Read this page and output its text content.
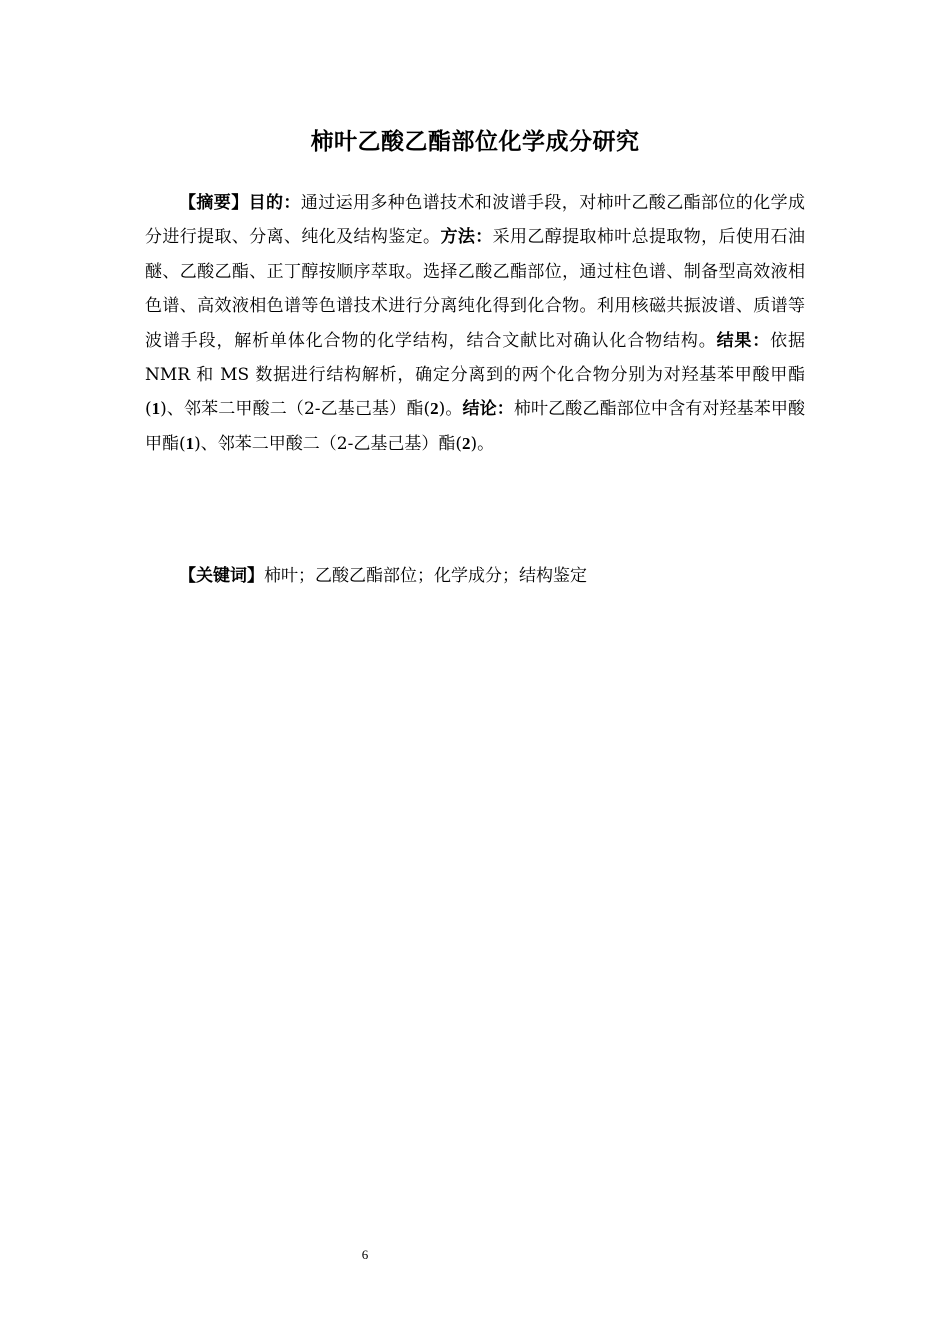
柿叶乙酸乙酯部位化学成分研究

【摘要】目的：通过运用多种色谱技术和波谱手段，对柿叶乙酸乙酯部位的化学成分进行提取、分离、纯化及结构鉴定。方法：采用乙醇提取柿叶总提取物，后使用石油醚、乙酸乙酯、正丁醇按顺序萃取。选择乙酸乙酯部位，通过柱色谱、制备型高效液相色谱、高效液相色谱等色谱技术进行分离纯化得到化合物。利用核磁共振波谱、质谱等波谱手段，解析单体化合物的化学结构，结合文献比对确认化合物结构。结果：依据 NMR 和 MS 数据进行结构解析，确定分离到的两个化合物分别为对羟基苯甲酸甲酯(1)、邻苯二甲酸二（2-乙基己基）酯(2)。结论：柿叶乙酸乙酯部位中含有对羟基苯甲酸甲酯(1)、邻苯二甲酸二（2-乙基己基）酯(2)。

【关键词】柿叶；乙酸乙酯部位；化学成分；结构鉴定

6
